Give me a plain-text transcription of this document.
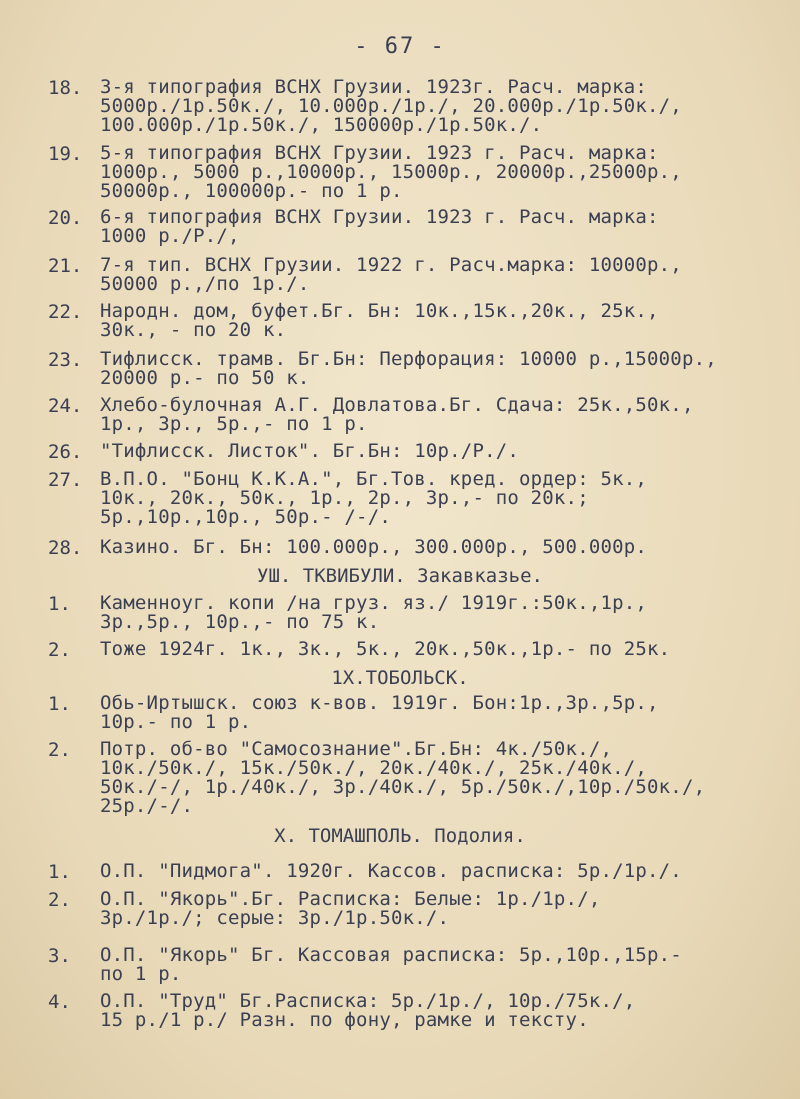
- 67 -
18. 3-я типография ВСНХ Грузии. 1923г. Расч. марка:
5000р./1р.50к./, 10.000р./1р./, 20.000р./1р.50к./,
100.000р./1р.50к./, 150000р./1р.50к./.
19. 5-я типография ВСНХ Грузии. 1923 г. Расч. марка:
1000р., 5000 р.,10000р., 15000р., 20000р.,25000р.,
50000р., 100000р.- по 1 р.
20. 6-я типография ВСНХ Грузии. 1923 г. Расч. марка:
1000 р./Р./,
21. 7-я тип. ВСНХ Грузии. 1922 г. Расч.марка: 10000р.,
50000 р.,/по 1р./.
22. Народн. дом, буфет.Бг. Бн: 10к.,15к.,20к., 25к.,
30к., - по 20 к.
23. Тифлисск. трамв. Бг.Бн: Перфорация: 10000 р.,15000р.,
20000 р.- по 50 к.
24. Хлебо-булочная А.Г. Довлатова.Бг. Сдача: 25к.,50к.,
1р., 3р., 5р.,- по 1 р.
26. "Тифлисск. Листок". Бг.Бн: 10р./Р./.
27. В.П.О. "Бонц К.К.А.", Бг.Тов. кред. ордер: 5к.,
10к., 20к., 50к., 1р., 2р., 3р.,- по 20к.;
5р.,10р.,10р., 50р.- /-/.
28. Казино. Бг. Бн: 100.000р., 300.000р., 500.000р.
УШ. ТКВИБУЛИ. Закавказье.
1. Каменноуг. копи /на груз. яз./ 1919г.:50к.,1р.,
3р.,5р., 10р.,- по 75 к.
2. Тоже 1924г. 1к., 3к., 5к., 20к.,50к.,1р.- по 25к.
1Х.ТОБОЛЬСК.
1. Обь-Иртышск. союз к-вов. 1919г. Бон:1р.,3р.,5р.,
10р.- по 1 р.
2. Потр. об-во "Самосознание".Бг.Бн: 4к./50к./,
10к./50к./, 15к./50к./, 20к./40к./, 25к./40к./,
50к./-/, 1р./40к./, 3р./40к./, 5р./50к./,10р./50к./,
25р./-/.
Х. ТОМАШПОЛЬ. Подолия.
1. О.П. "Пидмога". 1920г. Кассов. расписка: 5р./1р./.
2. О.П. "Якорь".Бг. Расписка: Белые: 1р./1р./,
3р./1р./; серые: 3р./1р.50к./.
3. О.П. "Якорь" Бг. Кассовая расписка: 5р.,10р.,15р.-
по 1 р.
4. О.П. "Труд" Бг.Расписка: 5р./1р./, 10р./75к./,
15 р./1 р./ Разн. по фону, рамке и тексту.
